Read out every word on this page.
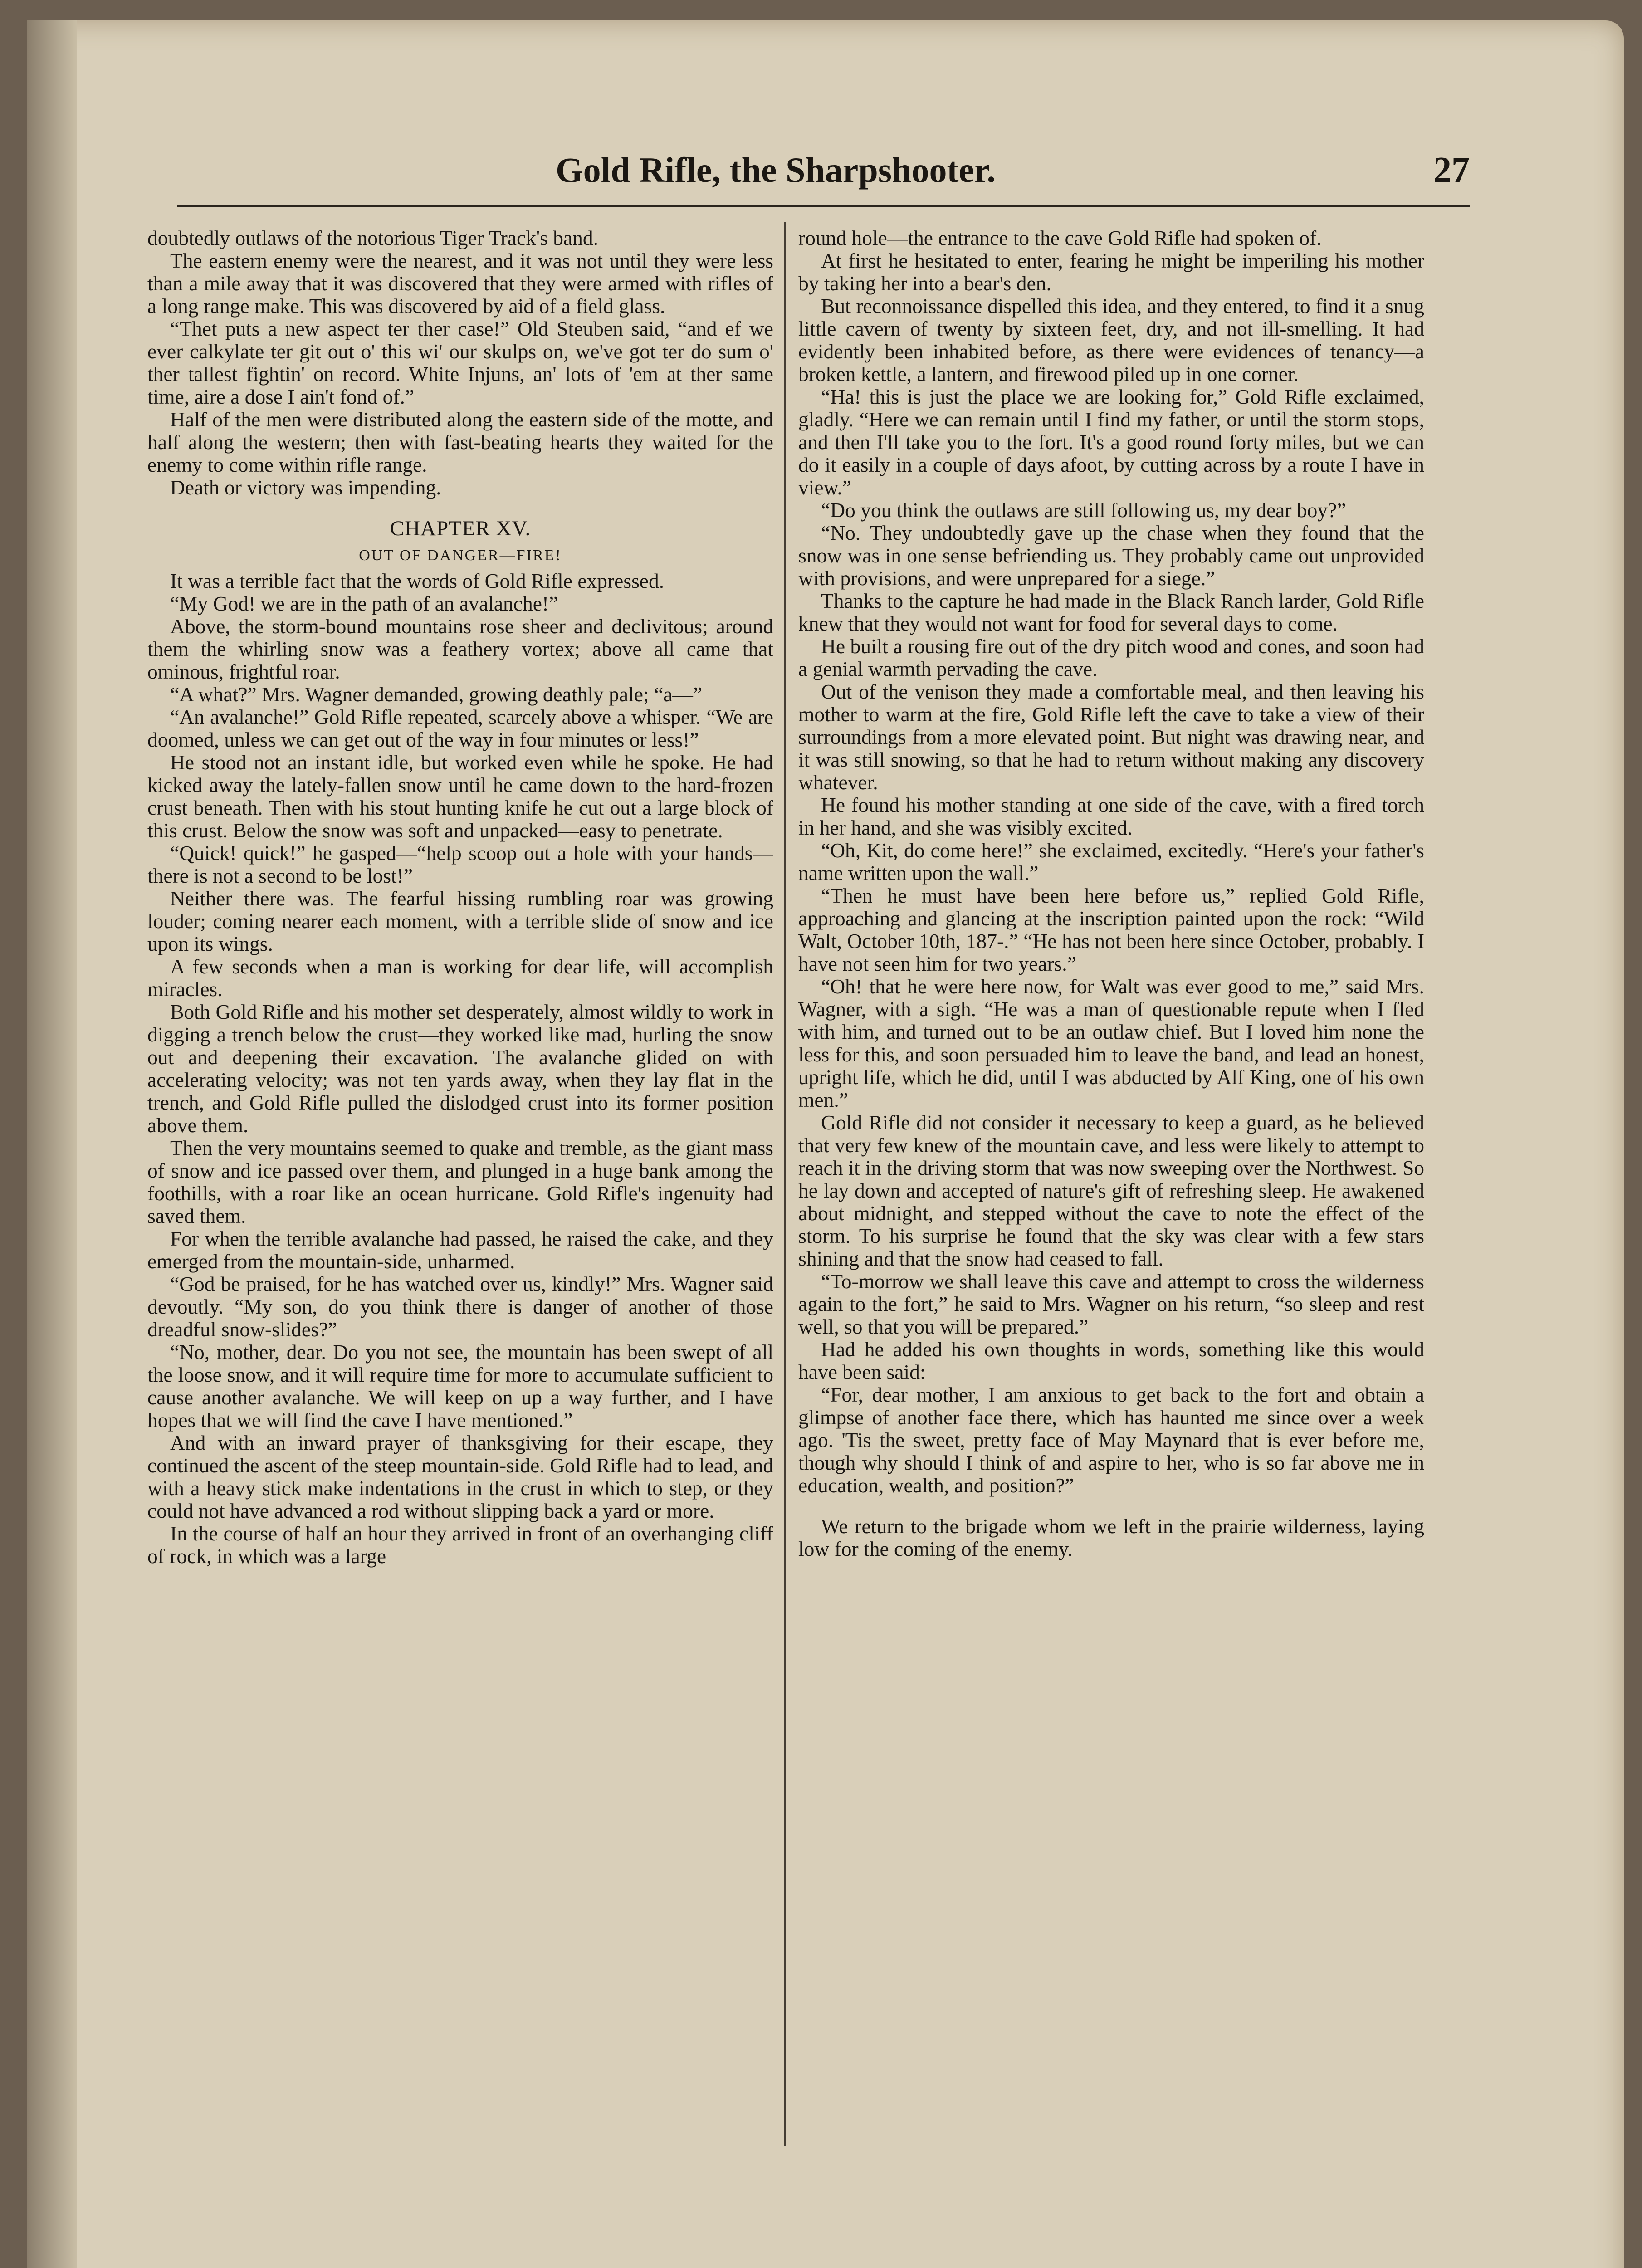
Gold Rifle, the Sharpshooter.	27

doubtedly outlaws of the notorious Tiger Track's band.

The eastern enemy were the nearest, and it was not until they were less than a mile away that it was discovered that they were armed with rifles of a long range make. This was discovered by aid of a field glass.

“Thet puts a new aspect ter ther case!” Old Steuben said, “and ef we ever calkylate ter git out o' this wi' our skulps on, we've got ter do sum o' ther tallest fightin' on record. White Injuns, an' lots of 'em at ther same time, aire a dose I ain't fond of.”

Half of the men were distributed along the eastern side of the motte, and half along the western; then with fast-beating hearts they waited for the enemy to come within rifle range.

Death or victory was impending.

CHAPTER XV.
OUT OF DANGER—FIRE!

It was a terrible fact that the words of Gold Rifle expressed.

“My God! we are in the path of an avalanche!”

Above, the storm-bound mountains rose sheer and declivitous; around them the whirling snow was a feathery vortex; above all came that ominous, frightful roar.

“A what?” Mrs. Wagner demanded, growing deathly pale; “a—”

“An avalanche!” Gold Rifle repeated, scarcely above a whisper. “We are doomed, unless we can get out of the way in four minutes or less!”

He stood not an instant idle, but worked even while he spoke. He had kicked away the lately-fallen snow until he came down to the hard-frozen crust beneath. Then with his stout hunting knife he cut out a large block of this crust. Below the snow was soft and unpacked—easy to penetrate.

“Quick! quick!” he gasped—“help scoop out a hole with your hands—there is not a second to be lost!”

Neither there was. The fearful hissing rumbling roar was growing louder; coming nearer each moment, with a terrible slide of snow and ice upon its wings.

A few seconds when a man is working for dear life, will accomplish miracles.

Both Gold Rifle and his mother set desperately, almost wildly to work in digging a trench below the crust—they worked like mad, hurling the snow out and deepening their excavation. The avalanche glided on with accelerating velocity; was not ten yards away, when they lay flat in the trench, and Gold Rifle pulled the dislodged crust into its former position above them.

Then the very mountains seemed to quake and tremble, as the giant mass of snow and ice passed over them, and plunged in a huge bank among the foothills, with a roar like an ocean hurricane. Gold Rifle's ingenuity had saved them.

For when the terrible avalanche had passed, he raised the cake, and they emerged from the mountain-side, unharmed.

“God be praised, for he has watched over us, kindly!” Mrs. Wagner said devoutly. “My son, do you think there is danger of another of those dreadful snow-slides?”

“No, mother, dear. Do you not see, the mountain has been swept of all the loose snow, and it will require time for more to accumulate sufficient to cause another avalanche. We will keep on up a way further, and I have hopes that we will find the cave I have mentioned.”

And with an inward prayer of thanksgiving for their escape, they continued the ascent of the steep mountain-side. Gold Rifle had to lead, and with a heavy stick make indentations in the crust in which to step, or they could not have advanced a rod without slipping back a yard or more.

In the course of half an hour they arrived in front of an overhanging cliff of rock, in which was a large

round hole—the entrance to the cave Gold Rifle had spoken of.

At first he hesitated to enter, fearing he might be imperiling his mother by taking her into a bear's den.

But reconnoissance dispelled this idea, and they entered, to find it a snug little cavern of twenty by sixteen feet, dry, and not ill-smelling. It had evidently been inhabited before, as there were evidences of tenancy—a broken kettle, a lantern, and firewood piled up in one corner.

“Ha! this is just the place we are looking for,” Gold Rifle exclaimed, gladly. “Here we can remain until I find my father, or until the storm stops, and then I'll take you to the fort. It's a good round forty miles, but we can do it easily in a couple of days afoot, by cutting across by a route I have in view.”

“Do you think the outlaws are still following us, my dear boy?”

“No. They undoubtedly gave up the chase when they found that the snow was in one sense befriending us. They probably came out unprovided with provisions, and were unprepared for a siege.”

Thanks to the capture he had made in the Black Ranch larder, Gold Rifle knew that they would not want for food for several days to come.

He built a rousing fire out of the dry pitch wood and cones, and soon had a genial warmth pervading the cave.

Out of the venison they made a comfortable meal, and then leaving his mother to warm at the fire, Gold Rifle left the cave to take a view of their surroundings from a more elevated point. But night was drawing near, and it was still snowing, so that he had to return without making any discovery whatever.

He found his mother standing at one side of the cave, with a fired torch in her hand, and she was visibly excited.

“Oh, Kit, do come here!” she exclaimed, excitedly. “Here's your father's name written upon the wall.”

“Then he must have been here before us,” replied Gold Rifle, approaching and glancing at the inscription painted upon the rock: “Wild Walt, October 10th, 187-.” “He has not been here since October, probably. I have not seen him for two years.”

“Oh! that he were here now, for Walt was ever good to me,” said Mrs. Wagner, with a sigh. “He was a man of questionable repute when I fled with him, and turned out to be an outlaw chief. But I loved him none the less for this, and soon persuaded him to leave the band, and lead an honest, upright life, which he did, until I was abducted by Alf King, one of his own men.”

Gold Rifle did not consider it necessary to keep a guard, as he believed that very few knew of the mountain cave, and less were likely to attempt to reach it in the driving storm that was now sweeping over the Northwest. So he lay down and accepted of nature's gift of refreshing sleep. He awakened about midnight, and stepped without the cave to note the effect of the storm. To his surprise he found that the sky was clear with a few stars shining and that the snow had ceased to fall.

“To-morrow we shall leave this cave and attempt to cross the wilderness again to the fort,” he said to Mrs. Wagner on his return, “so sleep and rest well, so that you will be prepared.”

Had he added his own thoughts in words, something like this would have been said:

“For, dear mother, I am anxious to get back to the fort and obtain a glimpse of another face there, which has haunted me since over a week ago. 'Tis the sweet, pretty face of May Maynard that is ever before me, though why should I think of and aspire to her, who is so far above me in education, wealth, and position?”

We return to the brigade whom we left in the prairie wilderness, laying low for the coming of the enemy.
